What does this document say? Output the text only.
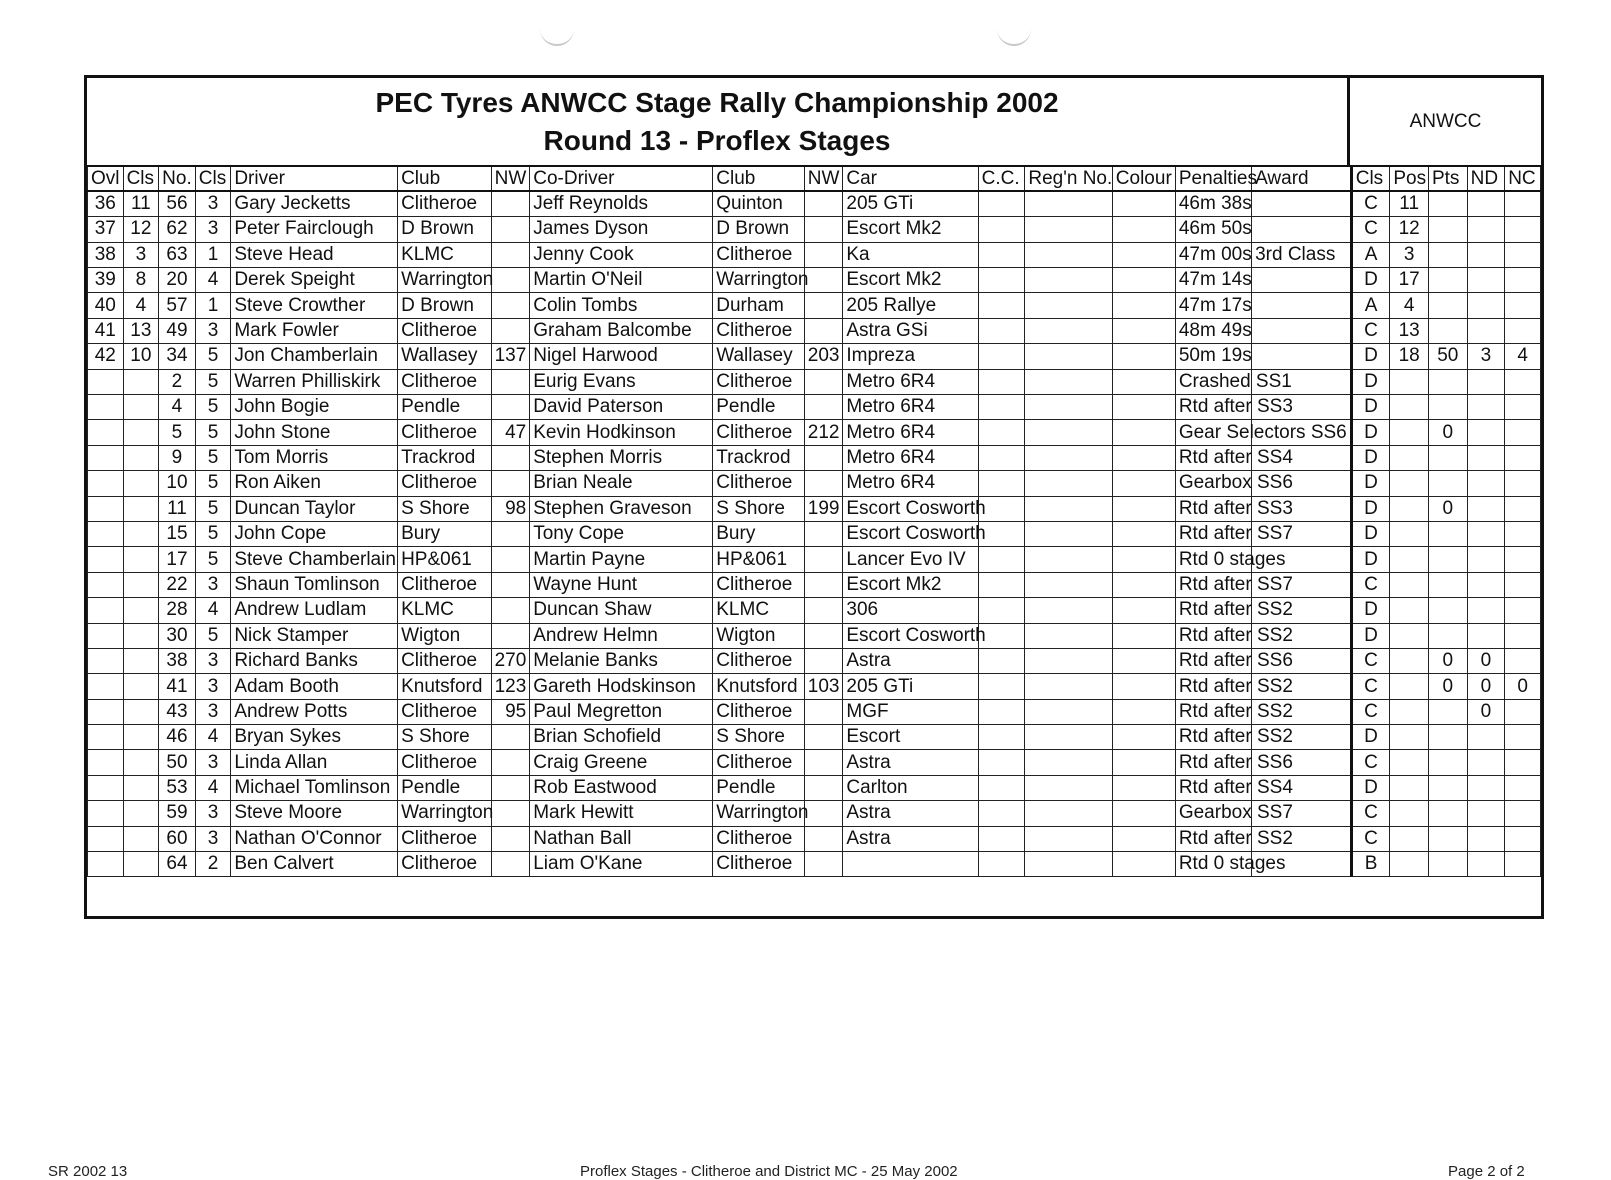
PEC Tyres ANWCC Stage Rally Championship 2002
Round 13 - Proflex Stages
ANWCC
Ovl	Cls	No.	Cls	Driver	Club	NW	Co-Driver	Club	NW	Car	C.C.	Reg'n No.	Colour	Penalties	Award	Cls	Pos	Pts	ND	NC
36	11	56	3	Gary Jecketts	Clitheroe		Jeff Reynolds	Quinton		205 GTi				46m 38s		C	11			
37	12	62	3	Peter Fairclough	D Brown		James Dyson	D Brown		Escort Mk2				46m 50s		C	12			
38	3	63	1	Steve Head	KLMC		Jenny Cook	Clitheroe		Ka				47m 00s	3rd Class	A	3			
39	8	20	4	Derek Speight	Warrington		Martin O'Neil	Warrington		Escort Mk2				47m 14s		D	17			
40	4	57	1	Steve Crowther	D Brown		Colin Tombs	Durham		205 Rallye				47m 17s		A	4			
41	13	49	3	Mark Fowler	Clitheroe		Graham Balcombe	Clitheroe		Astra GSi				48m 49s		C	13			
42	10	34	5	Jon Chamberlain	Wallasey	137	Nigel Harwood	Wallasey	203	Impreza				50m 19s		D	18	50	3	4
		2	5	Warren Philliskirk	Clitheroe		Eurig Evans	Clitheroe		Metro 6R4				Crashed SS1		D				
		4	5	John Bogie	Pendle		David Paterson	Pendle		Metro 6R4				Rtd after SS3		D				
		5	5	John Stone	Clitheroe	47	Kevin Hodkinson	Clitheroe	212	Metro 6R4				Gear Selectors SS6		D		0		
		9	5	Tom Morris	Trackrod		Stephen Morris	Trackrod		Metro 6R4				Rtd after SS4		D				
		10	5	Ron Aiken	Clitheroe		Brian Neale	Clitheroe		Metro 6R4				Gearbox SS6		D				
		11	5	Duncan Taylor	S Shore	98	Stephen Graveson	S Shore	199	Escort Cosworth				Rtd after SS3		D		0		
		15	5	John Cope	Bury		Tony Cope	Bury		Escort Cosworth				Rtd after SS7		D				
		17	5	Steve Chamberlain	HP&061		Martin Payne	HP&061		Lancer Evo IV				Rtd 0 stages		D				
		22	3	Shaun Tomlinson	Clitheroe		Wayne Hunt	Clitheroe		Escort Mk2				Rtd after SS7		C				
		28	4	Andrew Ludlam	KLMC		Duncan Shaw	KLMC		306				Rtd after SS2		D				
		30	5	Nick Stamper	Wigton		Andrew Helmn	Wigton		Escort Cosworth				Rtd after SS2		D				
		38	3	Richard Banks	Clitheroe	270	Melanie Banks	Clitheroe		Astra				Rtd after SS6		C		0	0	
		41	3	Adam Booth	Knutsford	123	Gareth Hodskinson	Knutsford	103	205 GTi				Rtd after SS2		C		0	0	0
		43	3	Andrew Potts	Clitheroe	95	Paul Megretton	Clitheroe		MGF				Rtd after SS2		C			0	
		46	4	Bryan Sykes	S Shore		Brian Schofield	S Shore		Escort				Rtd after SS2		D				
		50	3	Linda Allan	Clitheroe		Craig Greene	Clitheroe		Astra				Rtd after SS6		C				
		53	4	Michael Tomlinson	Pendle		Rob Eastwood	Pendle		Carlton				Rtd after SS4		D				
		59	3	Steve Moore	Warrington		Mark Hewitt	Warrington		Astra				Gearbox SS7		C				
		60	3	Nathan O'Connor	Clitheroe		Nathan Ball	Clitheroe		Astra				Rtd after SS2		C				
		64	2	Ben Calvert	Clitheroe		Liam O'Kane	Clitheroe						Rtd 0 stages		B				
SR 2002 13	Proflex Stages - Clitheroe and District MC - 25 May 2002	Page 2 of 2
